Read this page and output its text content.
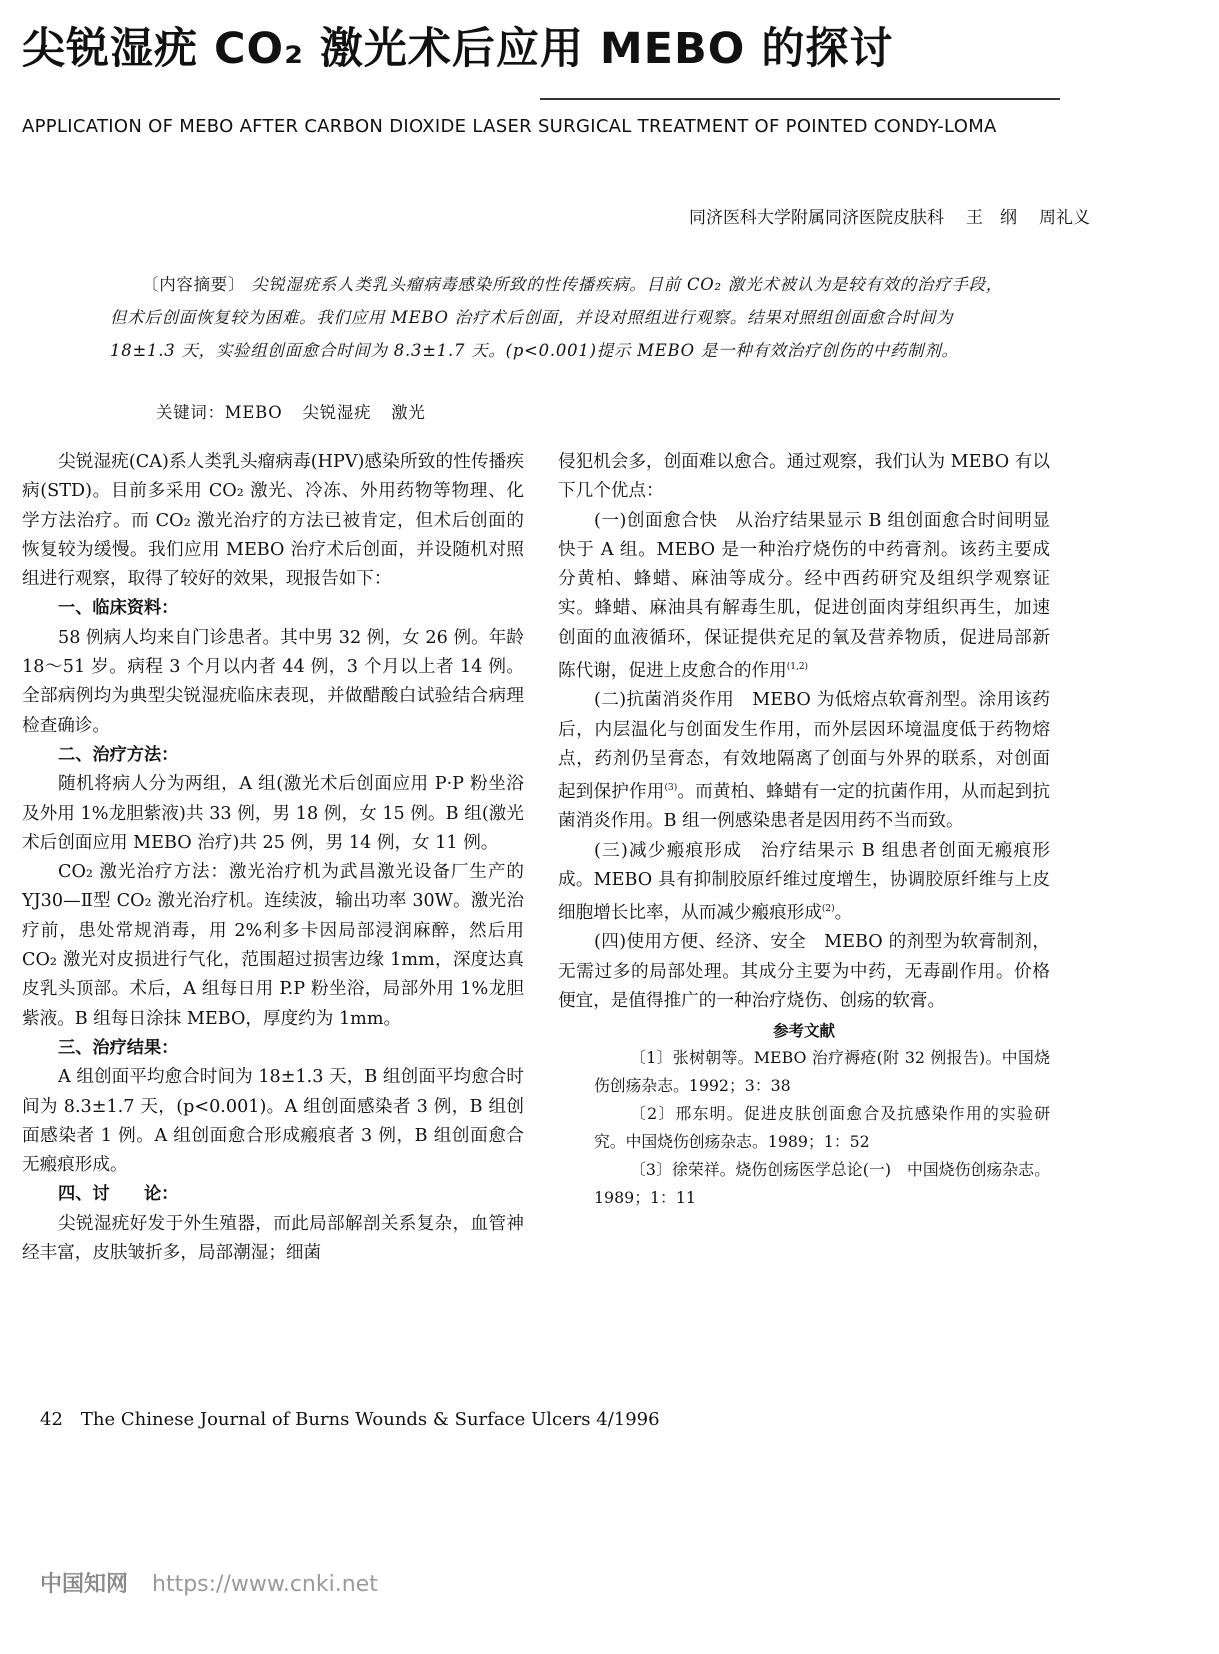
尖锐湿疣 CO₂ 激光术后应用 MEBO 的探讨
APPLICATION OF MEBO AFTER CARBON DIOXIDE LASER SURGICAL TREATMENT OF POINTED CONDY-LOMA
同济医科大学附属同济医院皮肤科 王　纲 周礼义
〔内容摘要〕 尖锐湿疣系人类乳头瘤病毒感染所致的性传播疾病。目前 CO₂ 激光术被认为是较有效的治疗手段，但术后创面恢复较为困难。我们应用 MEBO 治疗术后创面，并设对照组进行观察。结果对照组创面愈合时间为 18±1.3 天，实验组创面愈合时间为 8.3±1.7 天。(p<0.001)提示 MEBO 是一种有效治疗创伤的中药制剂。
关键词：MEBO 尖锐湿疣 激光

尖锐湿疣(CA)系人类乳头瘤病毒(HPV)感染所致的性传播疾病(STD)。目前多采用 CO₂ 激光、冷冻、外用药物等物理、化学方法治疗。而 CO₂ 激光治疗的方法已被肯定，但术后创面的恢复较为缓慢。我们应用 MEBO 治疗术后创面，并设随机对照组进行观察，取得了较好的效果，现报告如下：

一、临床资料：

58 例病人均来自门诊患者。其中男 32 例，女 26 例。年龄 18～51 岁。病程 3 个月以内者 44 例，3 个月以上者 14 例。全部病例均为典型尖锐湿疣临床表现，并做醋酸白试验结合病理检查确诊。

二、治疗方法：

随机将病人分为两组，A 组(激光术后创面应用 P·P 粉坐浴及外用 1%龙胆紫液)共 33 例，男 18 例，女 15 例。B 组(激光术后创面应用 MEBO 治疗)共 25 例，男 14 例，女 11 例。

CO₂ 激光治疗方法：激光治疗机为武昌激光设备厂生产的 YJ30—Ⅱ型 CO₂ 激光治疗机。连续波，输出功率 30W。激光治疗前，患处常规消毒，用 2%利多卡因局部浸润麻醉，然后用 CO₂ 激光对皮损进行气化，范围超过损害边缘 1mm，深度达真皮乳头顶部。术后，A 组每日用 P.P 粉坐浴，局部外用 1%龙胆紫液。B 组每日涂抹 MEBO，厚度约为 1mm。

三、治疗结果：

A 组创面平均愈合时间为 18±1.3 天，B 组创面平均愈合时间为 8.3±1.7 天，(p<0.001)。A 组创面感染者 3 例，B 组创面感染者 1 例。A 组创面愈合形成瘢痕者 3 例，B 组创面愈合无瘢痕形成。

四、讨　　论：

尖锐湿疣好发于外生殖器，而此局部解剖关系复杂，血管神经丰富，皮肤皱折多，局部潮湿；细菌

侵犯机会多，创面难以愈合。通过观察，我们认为 MEBO 有以下几个优点：

(一)创面愈合快　从治疗结果显示 B 组创面愈合时间明显快于 A 组。MEBO 是一种治疗烧伤的中药膏剂。该药主要成分黄柏、蜂蜡、麻油等成分。经中西药研究及组织学观察证实。蜂蜡、麻油具有解毒生肌，促进创面肉芽组织再生，加速创面的血液循环，保证提供充足的氧及营养物质，促进局部新陈代谢，促进上皮愈合的作用$^{(1,2)}$

(二)抗菌消炎作用　MEBO 为低熔点软膏剂型。涂用该药后，内层温化与创面发生作用，而外层因环境温度低于药物熔点，药剂仍呈膏态，有效地隔离了创面与外界的联系，对创面起到保护作用$^{(3)}$。而黄柏、蜂蜡有一定的抗菌作用，从而起到抗菌消炎作用。B 组一例感染患者是因用药不当而致。

(三)减少瘢痕形成　治疗结果示 B 组患者创面无瘢痕形成。MEBO 具有抑制胶原纤维过度增生，协调胶原纤维与上皮细胞增长比率，从而减少瘢痕形成$^{(2)}$。

(四)使用方便、经济、安全　MEBO 的剂型为软膏制剂，无需过多的局部处理。其成分主要为中药，无毒副作用。价格便宜，是值得推广的一种治疗烧伤、创疡的软膏。

参考文献

〔1〕张树朝等。MEBO 治疗褥疮(附 32 例报告)。中国烧伤创疡杂志。1992；3：38

〔2〕邢东明。促进皮肤创面愈合及抗感染作用的实验研究。中国烧伤创疡杂志。1989；1：52

〔3〕徐荣祥。烧伤创疡医学总论(一)　中国烧伤创疡杂志。1989；1：11

42 The Chinese Journal of Burns Wounds & Surface Ulcers 4/1996
中国知网 https://www.cnki.net
